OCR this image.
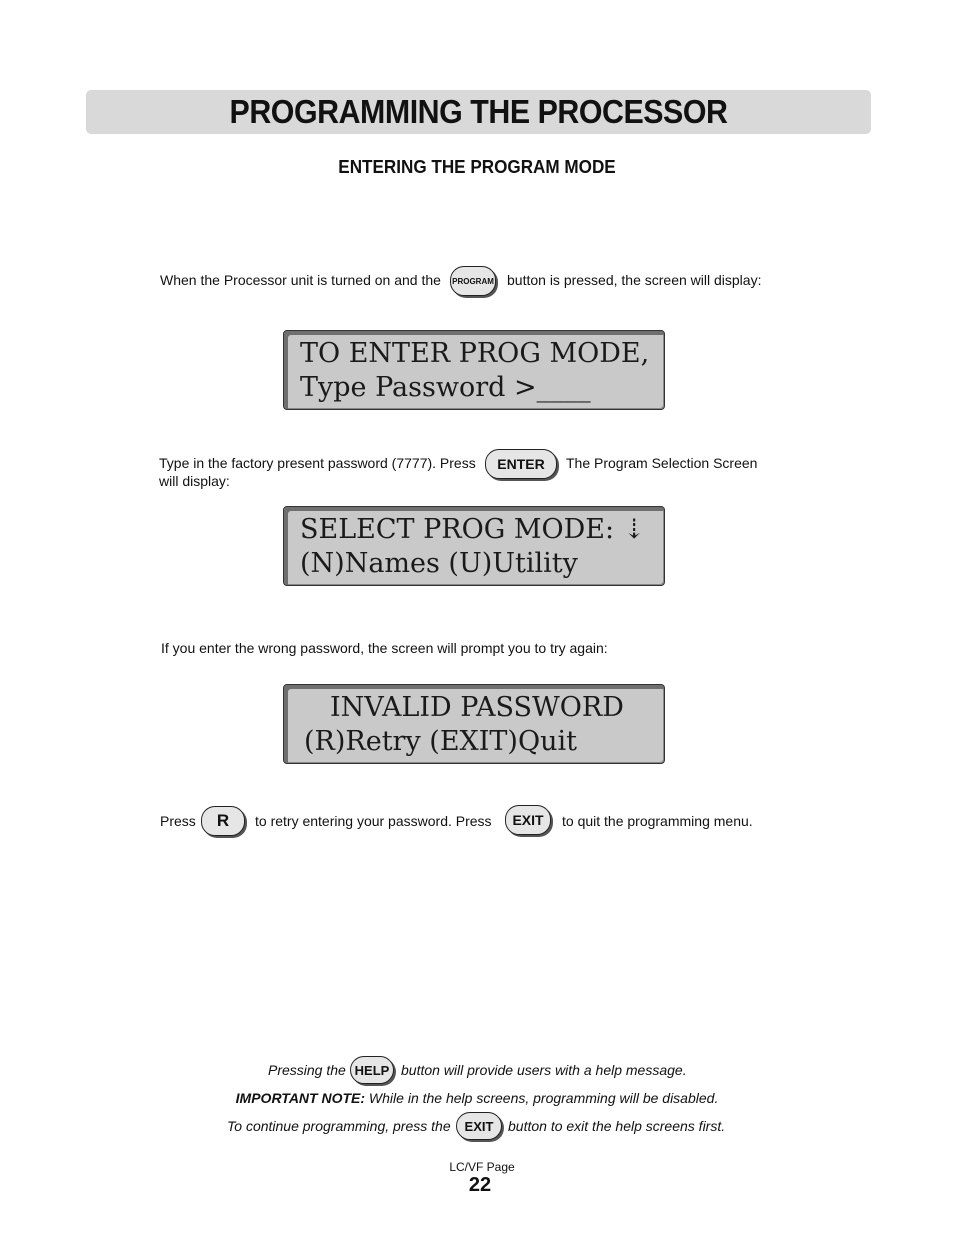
PROGRAMMING THE PROCESSOR
ENTERING THE PROGRAM MODE
When the Processor unit is turned on and the PROGRAM button is pressed, the screen will display:
TO ENTER PROG MODE,
Type Password >____
Type in the factory present password (7777). Press	ENTER	The Program Selection Screen
will display:
SELECT PROG MODE: ⇣
(N)Names (U)Utility
If you enter the wrong password, the screen will prompt you to try again:
INVALID PASSWORD
(R)Retry (EXIT)Quit
Press	R	to retry entering your password. Press	EXIT	to quit the programming menu.
Pressing the HELP button will provide users with a help message.
IMPORTANT NOTE: While in the help screens, programming will be disabled.
To continue programming, press the	EXIT	button to exit the help screens first.
LC/VF Page
22
